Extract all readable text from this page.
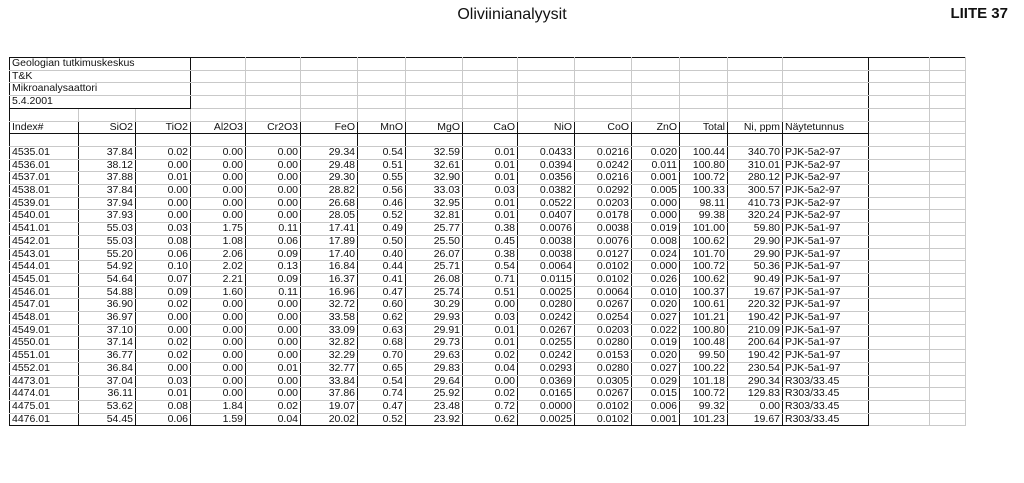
Oliviinianalyysit	LIITE 37
Geologian tutkimuskeskus																
T&K																
Mikroanalysaattori																
5.4.2001																

Index#	SiO2	TiO2	Al2O3	Cr2O3	FeO	MnO	MgO	CaO	NiO	CoO	ZnO	Total	Ni, ppm	Näytetunnus		

4535.01	37.84	0.02	0.00	0.00	29.34	0.54	32.59	0.01	0.0433	0.0216	0.020	100.44	340.70	PJK-5a2-97		
4536.01	38.12	0.00	0.00	0.00	29.48	0.51	32.61	0.01	0.0394	0.0242	0.011	100.80	310.01	PJK-5a2-97		
4537.01	37.88	0.01	0.00	0.00	29.30	0.55	32.90	0.01	0.0356	0.0216	0.001	100.72	280.12	PJK-5a2-97		
4538.01	37.84	0.00	0.00	0.00	28.82	0.56	33.03	0.03	0.0382	0.0292	0.005	100.33	300.57	PJK-5a2-97		
4539.01	37.94	0.00	0.00	0.00	26.68	0.46	32.95	0.01	0.0522	0.0203	0.000	98.11	410.73	PJK-5a2-97		
4540.01	37.93	0.00	0.00	0.00	28.05	0.52	32.81	0.01	0.0407	0.0178	0.000	99.38	320.24	PJK-5a2-97		
4541.01	55.03	0.03	1.75	0.11	17.41	0.49	25.77	0.38	0.0076	0.0038	0.019	101.00	59.80	PJK-5a1-97		
4542.01	55.03	0.08	1.08	0.06	17.89	0.50	25.50	0.45	0.0038	0.0076	0.008	100.62	29.90	PJK-5a1-97		
4543.01	55.20	0.06	2.06	0.09	17.40	0.40	26.07	0.38	0.0038	0.0127	0.024	101.70	29.90	PJK-5a1-97		
4544.01	54.92	0.10	2.02	0.13	16.84	0.44	25.71	0.54	0.0064	0.0102	0.000	100.72	50.36	PJK-5a1-97		
4545.01	54.64	0.07	2.21	0.09	16.37	0.41	26.08	0.71	0.0115	0.0102	0.026	100.62	90.49	PJK-5a1-97		
4546.01	54.88	0.09	1.60	0.11	16.96	0.47	25.74	0.51	0.0025	0.0064	0.010	100.37	19.67	PJK-5a1-97		
4547.01	36.90	0.02	0.00	0.00	32.72	0.60	30.29	0.00	0.0280	0.0267	0.020	100.61	220.32	PJK-5a1-97		
4548.01	36.97	0.00	0.00	0.00	33.58	0.62	29.93	0.03	0.0242	0.0254	0.027	101.21	190.42	PJK-5a1-97		
4549.01	37.10	0.00	0.00	0.00	33.09	0.63	29.91	0.01	0.0267	0.0203	0.022	100.80	210.09	PJK-5a1-97		
4550.01	37.14	0.02	0.00	0.00	32.82	0.68	29.73	0.01	0.0255	0.0280	0.019	100.48	200.64	PJK-5a1-97		
4551.01	36.77	0.02	0.00	0.00	32.29	0.70	29.63	0.02	0.0242	0.0153	0.020	99.50	190.42	PJK-5a1-97		
4552.01	36.84	0.00	0.00	0.01	32.77	0.65	29.83	0.04	0.0293	0.0280	0.027	100.22	230.54	PJK-5a1-97		
4473.01	37.04	0.03	0.00	0.00	33.84	0.54	29.64	0.00	0.0369	0.0305	0.029	101.18	290.34	R303/33.45		
4474.01	36.11	0.01	0.00	0.00	37.86	0.74	25.92	0.02	0.0165	0.0267	0.015	100.72	129.83	R303/33.45		
4475.01	53.62	0.08	1.84	0.02	19.07	0.47	23.48	0.72	0.0000	0.0102	0.006	99.32	0.00	R303/33.45		
4476.01	54.45	0.06	1.59	0.04	20.02	0.52	23.92	0.62	0.0025	0.0102	0.001	101.23	19.67	R303/33.45		
